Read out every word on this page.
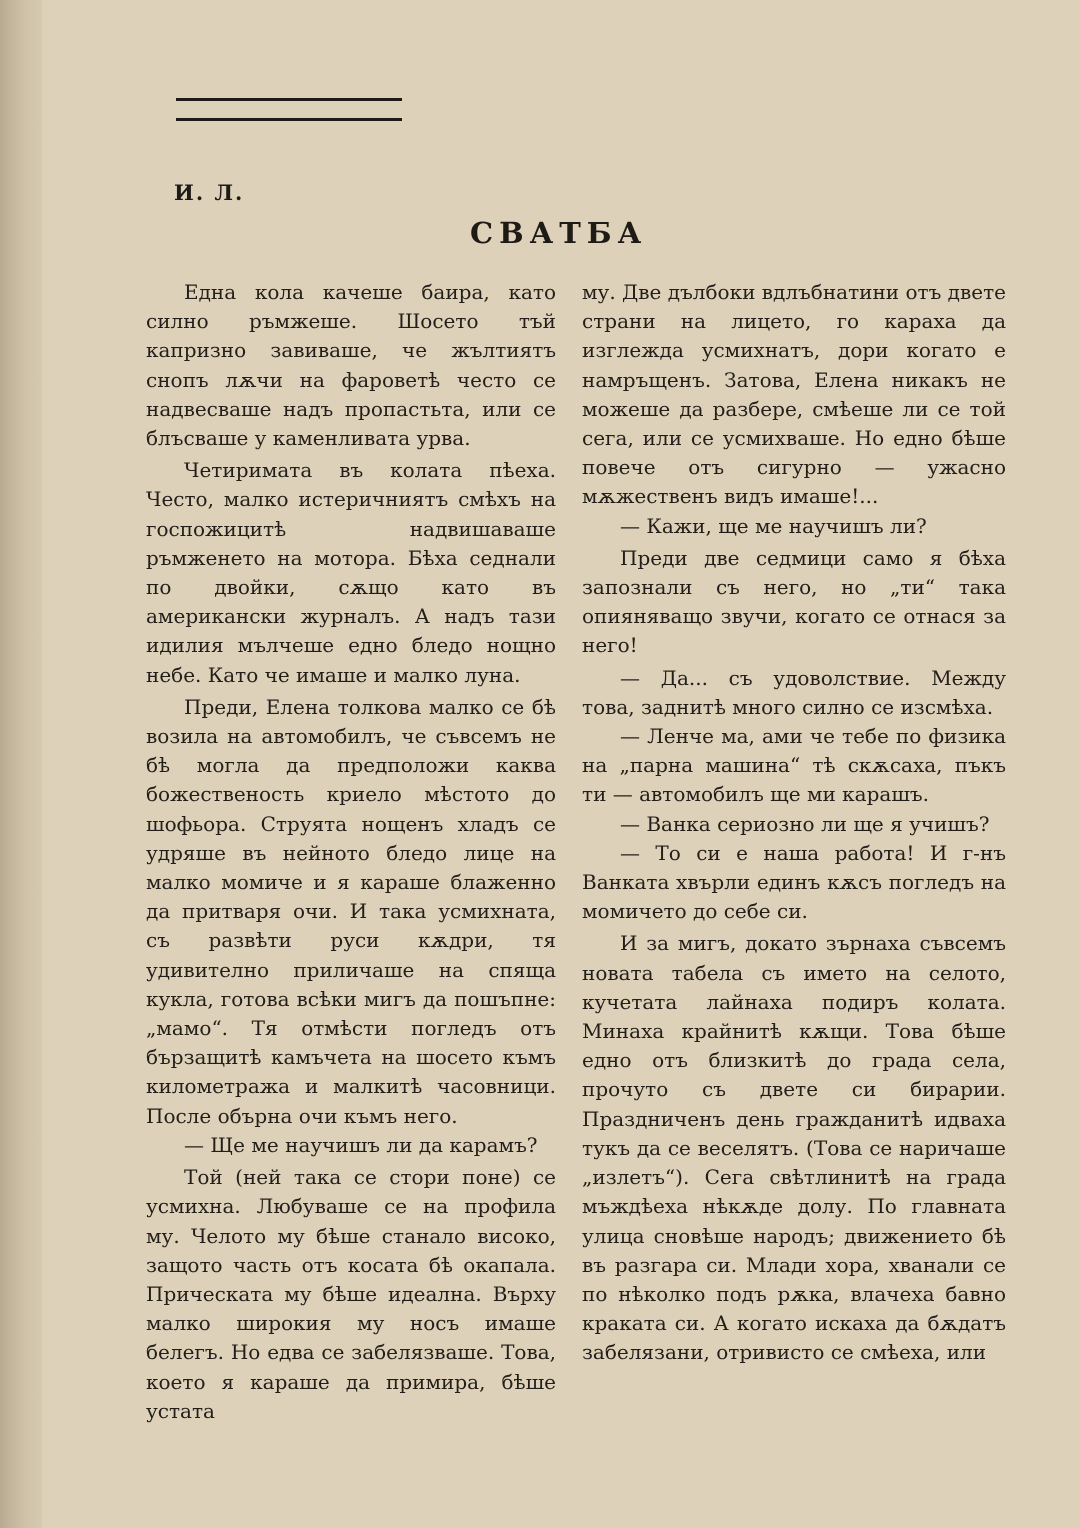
И. Л.
СВАТБА

Една кола качеше баира, като силно ръмжеше. Шосето тъй капризно завиваше, че жълтиятъ снопъ лѫчи на фароветѣ често се надвесваше надъ пропастьта, или се блъсваше у каменливата урва.

Четиримата въ колата пѣеха. Често, малко истеричниятъ смѣхъ на госпожицитѣ надвишаваше ръмженето на мотора. Бѣха седнали по двойки, сѫщо като въ американски журналъ. А надъ тази идилия мълчеше едно бледо нощно небе. Като че имаше и малко луна.

Преди, Елена толкова малко се бѣ возила на автомобилъ, че съвсемъ не бѣ могла да предположи каква божественость криело мѣстото до шофьора. Струята нощенъ хладъ се удряше въ нейното бледо лице на малко момиче и я караше блаженно да притваря очи. И така усмихната, съ развѣти руси кѫдри, тя удивително приличаше на спяща кукла, готова всѣки мигъ да пошъпне: „мамо“. Тя отмѣсти погледъ отъ бързащитѣ камъчета на шосето къмъ километража и малкитѣ часовници. После обърна очи къмъ него.

— Ще ме научишъ ли да карамъ?

Той (ней така се стори поне) се усмихна. Любуваше се на профила му. Челото му бѣше станало високо, защото часть отъ косата бѣ окапала. Прическата му бѣше идеална. Върху малко широкия му носъ имаше белегъ. Но едва се забелязваше. Това, което я караше да примира, бѣше устата

му. Две дълбоки вдлъбнатини отъ двете страни на лицето, го караха да изглежда усмихнатъ, дори когато е намръщенъ. Затова, Елена никакъ не можеше да разбере, смѣеше ли се той сега, или се усмихваше. Но едно бѣше повече отъ сигурно — ужасно мѫжественъ видъ имаше!...

— Кажи, ще ме научишъ ли?

Преди две седмици само я бѣха запознали съ него, но „ти“ така опияняващо звучи, когато се отнася за него!

— Да... съ удоволствие. Между това, заднитѣ много силно се изсмѣха.

— Ленче ма, ами че тебе по физика на „парна машина“ тѣ скѫсаха, пъкъ ти — автомобилъ ще ми карашъ.

— Ванка сериозно ли ще я учишъ?

— То си е наша работа! И г-нъ Ванката хвърли единъ кѫсъ погледъ на момичето до себе си.

И за мигъ, докато зърнаха съвсемъ новата табела съ името на селото, кучетата лайнаха подиръ колата. Минаха крайнитѣ кѫщи. Това бѣше едно отъ близкитѣ до града села, прочуто съ двете си бирарии. Праздниченъ день гражданитѣ идваха тукъ да се веселятъ. (Това се наричаше „излетъ“). Сега свѣтлинитѣ на града мъждѣеха нѣкѫде долу. По главната улица сновѣше народъ; движението бѣ въ разгара си. Млади хора, хванали се по нѣколко подъ рѫка, влачеха бавно краката си. А когато искаха да бѫдатъ забелязани, отривисто се смѣеха, или
